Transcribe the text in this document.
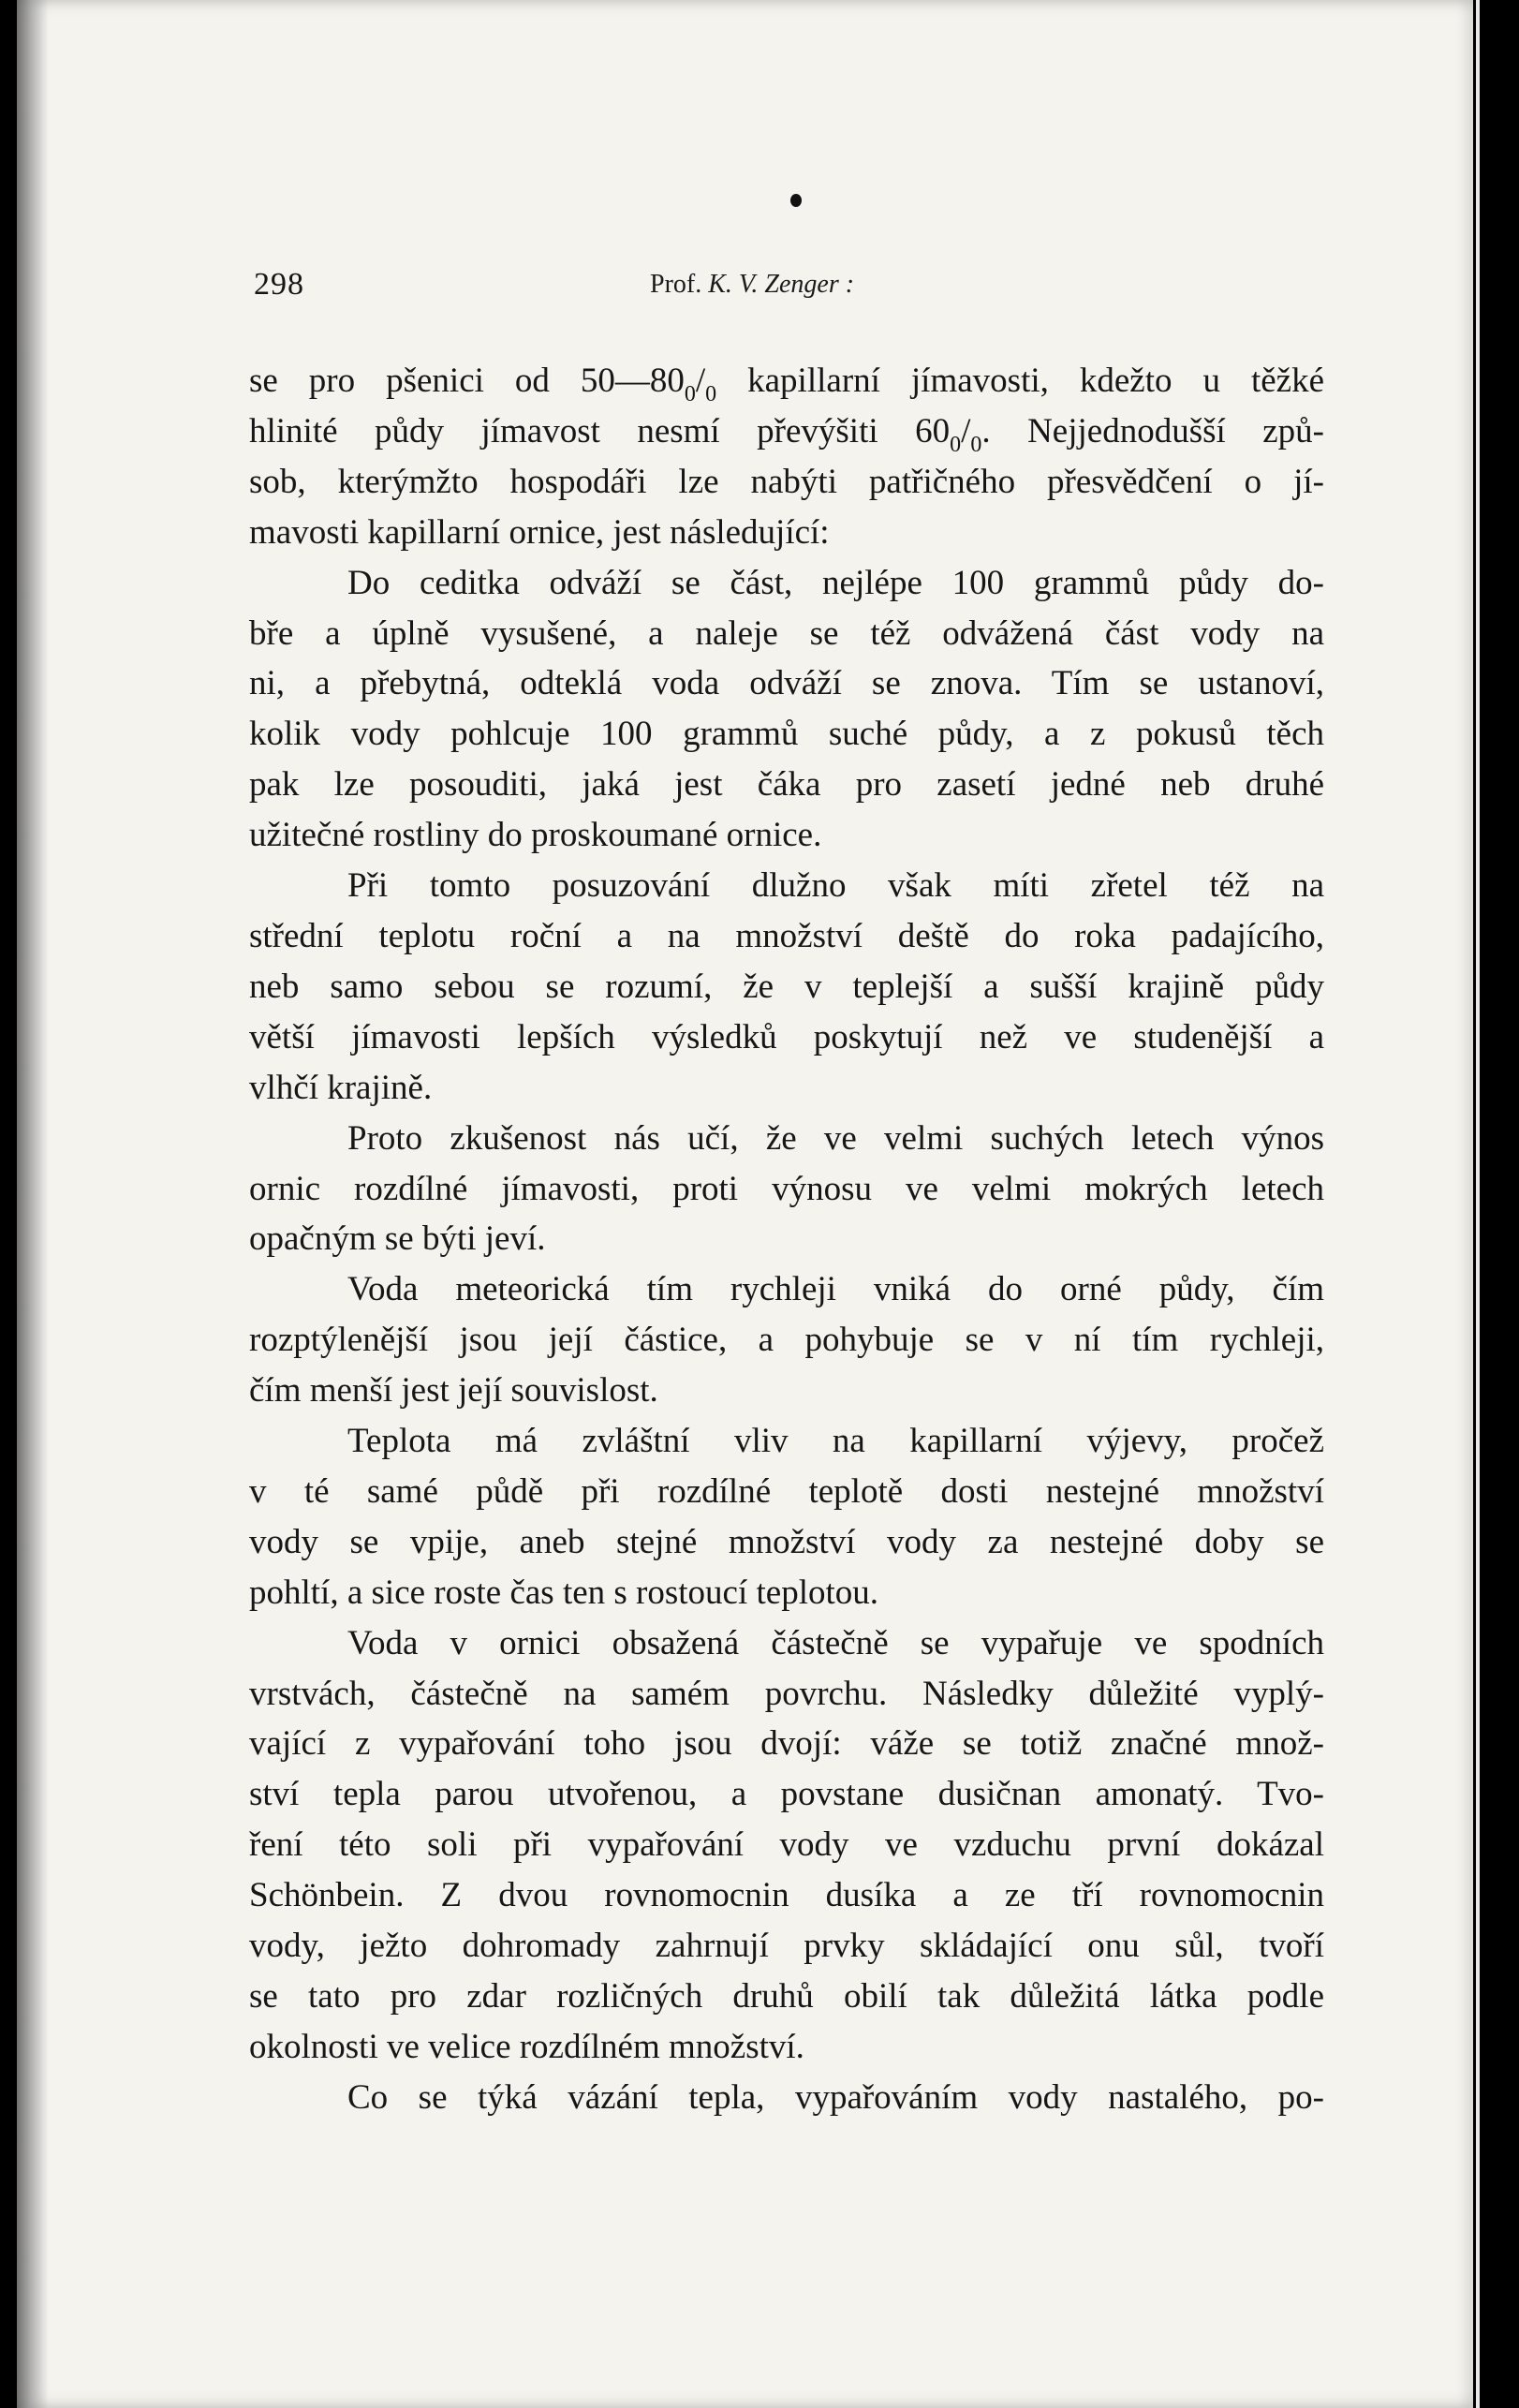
298	Prof. K. V. Zenger :
se pro pšenici od $50—80_0/_0$ kapillarní jímavosti, kdežto u těžké
hlinité půdy jímavost nesmí převýšiti $60_0/_0$. Nejjednodušší způ-
sob, kterýmžto hospodáři lze nabýti patřičného přesvědčení o jí-
mavosti kapillarní ornice, jest následující:
Do ceditka odváží se část, nejlépe 100 grammů půdy do-
bře a úplně vysušené, a naleje se též odvážená část vody na
ni, a přebytná, odteklá voda odváží se znova. Tím se ustanoví,
kolik vody pohlcuje 100 grammů suché půdy, a z pokusů těch
pak lze posouditi, jaká jest čáka pro zasetí jedné neb druhé
užitečné rostliny do proskoumané ornice.
Při tomto posuzování dlužno však míti zřetel též na
střední teplotu roční a na množství deště do roka padajícího,
neb samo sebou se rozumí, že v teplejší a sušší krajině půdy
větší jímavosti lepších výsledků poskytují než ve studenější a
vlhčí krajině.
Proto zkušenost nás učí, že ve velmi suchých letech výnos
ornic rozdílné jímavosti, proti výnosu ve velmi mokrých letech
opačným se býti jeví.
Voda meteorická tím rychleji vniká do orné půdy, čím
rozptýlenější jsou její částice, a pohybuje se v ní tím rychleji,
čím menší jest její souvislost.
Teplota má zvláštní vliv na kapillarní výjevy, pročež
v té samé půdě při rozdílné teplotě dosti nestejné množství
vody se vpije, aneb stejné množství vody za nestejné doby se
pohltí, a sice roste čas ten s rostoucí teplotou.
Voda v ornici obsažená částečně se vypařuje ve spodních
vrstvách, částečně na samém povrchu. Následky důležité vyplý-
vající z vypařování toho jsou dvojí: váže se totiž značné množ-
ství tepla parou utvořenou, a povstane dusičnan amonatý. Tvo-
ření této soli při vypařování vody ve vzduchu první dokázal
Schönbein. Z dvou rovnomocnin dusíka a ze tří rovnomocnin
vody, ježto dohromady zahrnují prvky skládající onu sůl, tvoří
se tato pro zdar rozličných druhů obilí tak důležitá látka podle
okolnosti ve velice rozdílném množství.
Co se týká vázání tepla, vypařováním vody nastalého, po-
